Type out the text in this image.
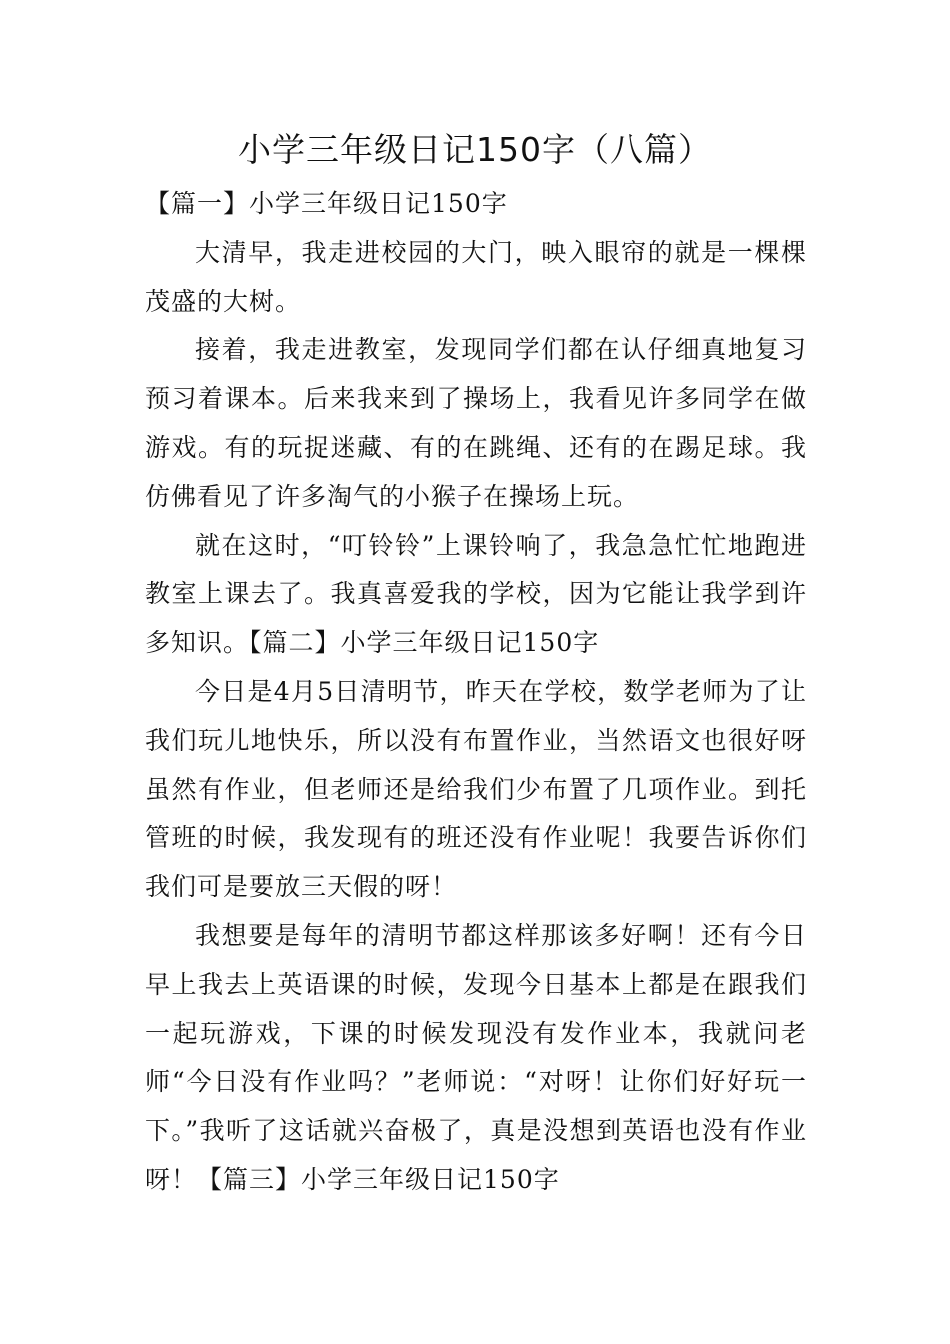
小学三年级日记150字（八篇）

【篇一】小学三年级日记150字

大清早，我走进校园的大门，映入眼帘的就是一棵棵茂盛的大树。

接着，我走进教室，发现同学们都在认仔细真地复习预习着课本。后来我来到了操场上，我看见许多同学在做游戏。有的玩捉迷藏、有的在跳绳、还有的在踢足球。我仿佛看见了许多淘气的小猴子在操场上玩。

就在这时，“叮铃铃”上课铃响了，我急急忙忙地跑进教室上课去了。我真喜爱我的学校，因为它能让我学到许多知识。【篇二】小学三年级日记150字

今日是4月5日清明节，昨天在学校，数学老师为了让我们玩儿地快乐，所以没有布置作业，当然语文也很好呀虽然有作业，但老师还是给我们少布置了几项作业。到托管班的时候，我发现有的班还没有作业呢！我要告诉你们我们可是要放三天假的呀！

我想要是每年的清明节都这样那该多好啊！还有今日早上我去上英语课的时候，发现今日基本上都是在跟我们一起玩游戏，下课的时候发现没有发作业本，我就问老师“今日没有作业吗？”老师说：“对呀！让你们好好玩一下。”我听了这话就兴奋极了，真是没想到英语也没有作业呀！【篇三】小学三年级日记150字
